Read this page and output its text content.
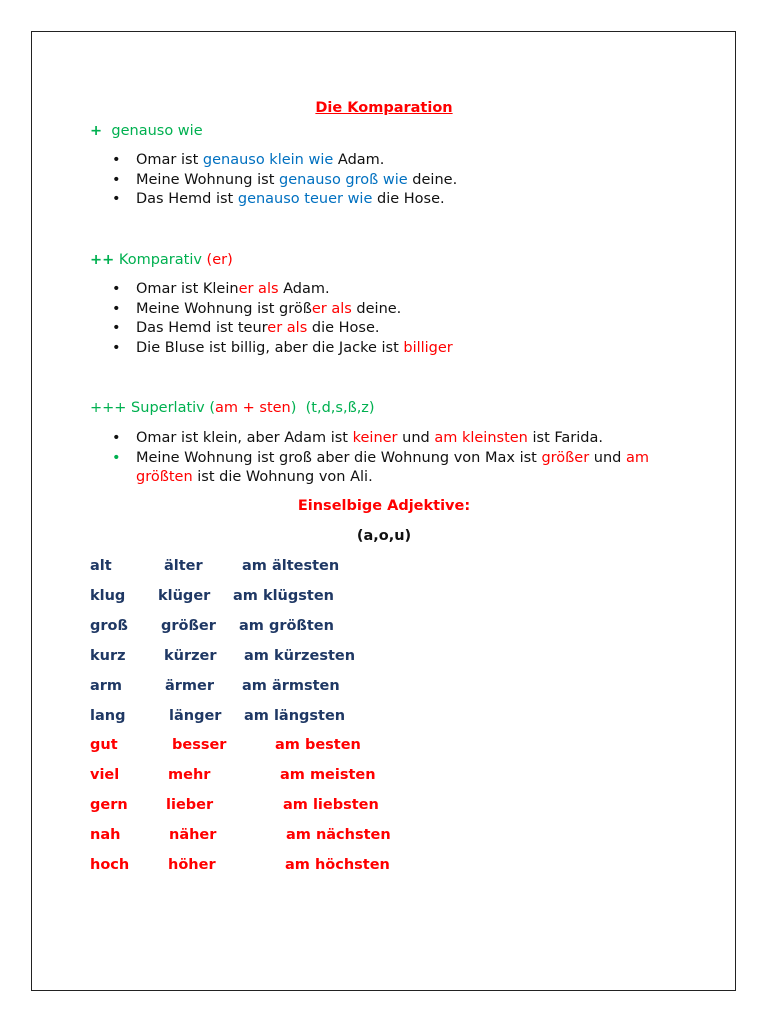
Die Komparation
+ genauso wie
• Omar ist genauso klein wie Adam.
• Meine Wohnung ist genauso groß wie deine.
• Das Hemd ist genauso teuer wie die Hose.
++ Komparativ (er)
• Omar ist Kleiner als Adam.
• Meine Wohnung ist größer als deine.
• Das Hemd ist teurer als die Hose.
• Die Bluse ist billig, aber die Jacke ist billiger
+++ Superlativ (am + sten) (t,d,s,ß,z)
• Omar ist klein, aber Adam ist keiner und am kleinsten ist Farida.
• Meine Wohnung ist groß aber die Wohnung von Max ist größer und am
größten ist die Wohnung von Ali.
Einselbige Adjektive:
(a,o,u)
alt	älter	am ältesten
klug klüger am klügsten
groß größer am größten
kurz	kürzer am kürzesten
arm	ärmer am ärmsten
lang	länger am längsten
gut	besser	am besten
viel	mehr	am meisten
gern	lieber	am liebsten
nah	näher	am nächsten
hoch	höher	am höchsten
